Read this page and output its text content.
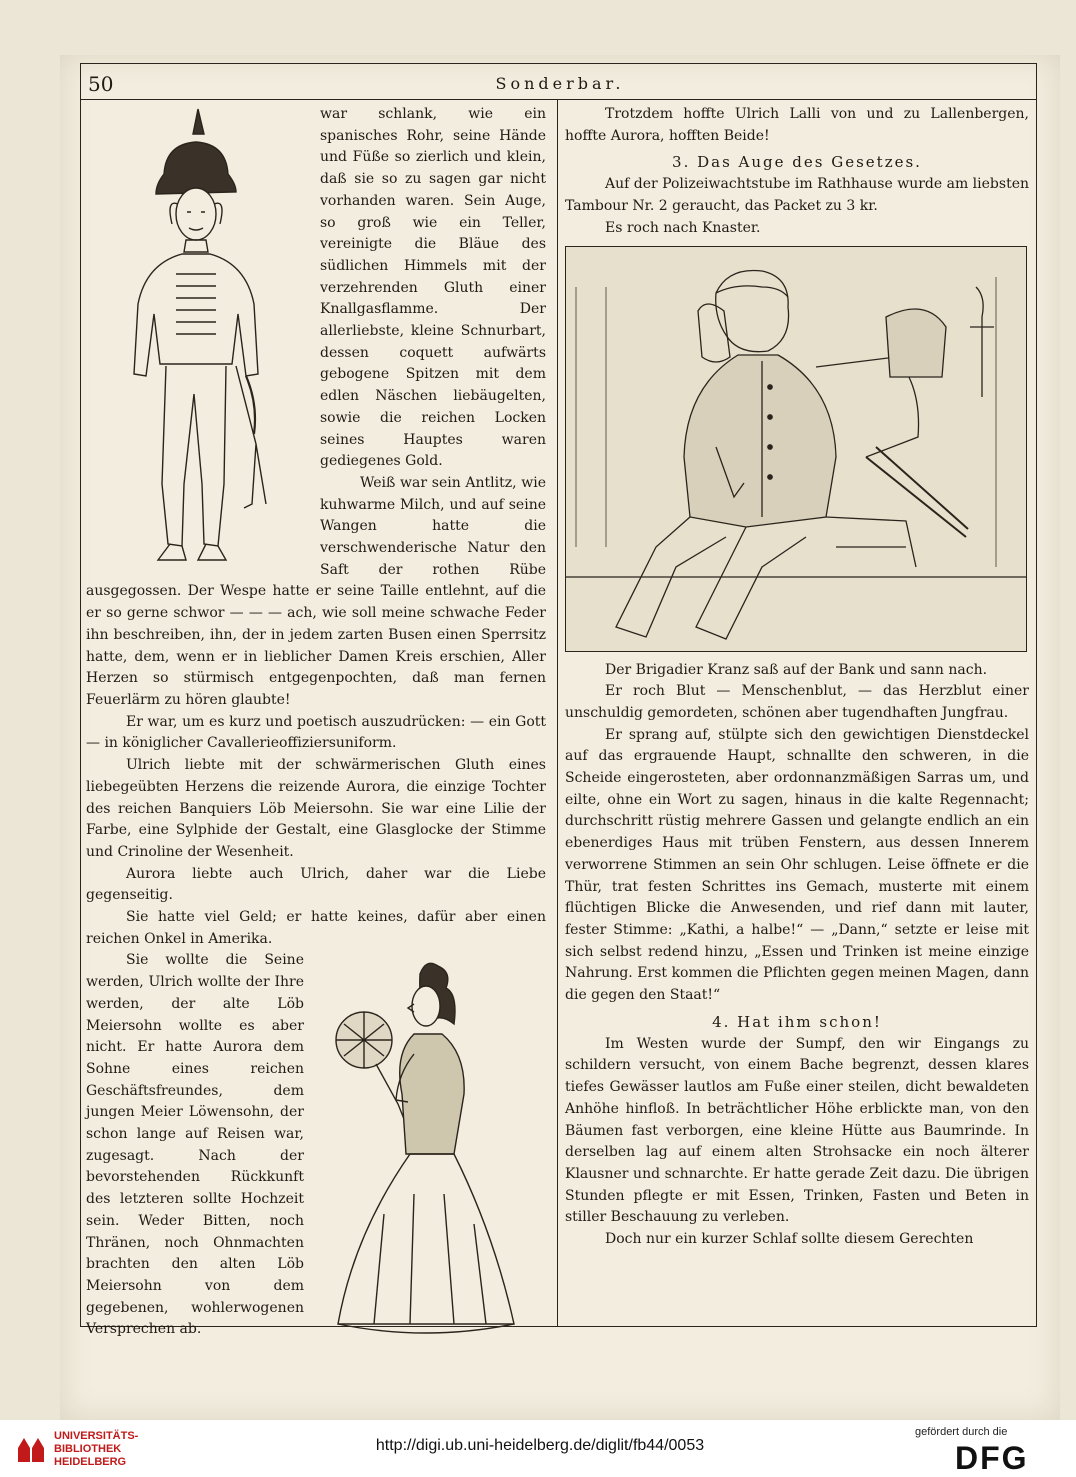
50	Sonderbar.

war schlank, wie ein spanisches Rohr, seine Hände und Füße so zierlich und klein, daß sie so zu sagen gar nicht vorhanden waren. Sein Auge, so groß wie ein Teller, vereinigte die Bläue des südlichen Himmels mit der verzehrenden Gluth einer Knallgasflamme. Der allerliebste, kleine Schnurbart, dessen coquett aufwärts gebogene Spitzen mit dem edlen Näschen liebäugelten, sowie die reichen Locken seines Hauptes waren gediegenes Gold.

Weiß war sein Antlitz, wie kuhwarme Milch, und auf seine Wangen hatte die verschwenderische Natur den Saft der rothen Rübe ausgegossen. Der Wespe hatte er seine Taille entlehnt, auf die er so gerne schwor — — — ach, wie soll meine schwache Feder ihn beschreiben, ihn, der in jedem zarten Busen einen Sperrsitz hatte, dem, wenn er in lieblicher Damen Kreis erschien, Aller Herzen so stürmisch entgegenpochten, daß man fernen Feuerlärm zu hören glaubte!

Er war, um es kurz und poetisch auszudrücken: — ein Gott — in königlicher Cavallerieoffiziersuniform.

Ulrich liebte mit der schwärmerischen Gluth eines liebegeübten Herzens die reizende Aurora, die einzige Tochter des reichen Banquiers Löb Meiersohn. Sie war eine Lilie der Farbe, eine Sylphide der Gestalt, eine Glasglocke der Stimme und Crinoline der Wesenheit.

Aurora liebte auch Ulrich, daher war die Liebe gegenseitig.

Sie hatte viel Geld; er hatte keines, dafür aber einen reichen Onkel in Amerika.

Sie wollte die Seine werden, Ulrich wollte der Ihre werden, der alte Löb Meiersohn wollte es aber nicht. Er hatte Aurora dem Sohne eines reichen Geschäftsfreundes, dem jungen Meier Löwensohn, der schon lange auf Reisen war, zugesagt. Nach der bevorstehenden Rückkunft des letzteren sollte Hochzeit sein. Weder Bitten, noch Thränen, noch Ohnmachten brachten den alten Löb Meiersohn von dem gegebenen, wohlerwogenen Versprechen ab.

Trotzdem hoffte Ulrich Lalli von und zu Lallenbergen, hoffte Aurora, hofften Beide!

3. Das Auge des Gesetzes.

Auf der Polizeiwachtstube im Rathhause wurde am liebsten Tambour Nr. 2 geraucht, das Packet zu 3 kr.

Es roch nach Knaster.

Der Brigadier Kranz saß auf der Bank und sann nach.

Er roch Blut — Menschenblut, — das Herzblut einer unschuldig gemordeten, schönen aber tugendhaften Jungfrau.

Er sprang auf, stülpte sich den gewichtigen Dienstdeckel auf das ergrauende Haupt, schnallte den schweren, in die Scheide eingerosteten, aber ordonnanzmäßigen Sarras um, und eilte, ohne ein Wort zu sagen, hinaus in die kalte Regennacht; durchschritt rüstig mehrere Gassen und gelangte endlich an ein ebenerdiges Haus mit trüben Fenstern, aus dessen Innerem verworrene Stimmen an sein Ohr schlugen. Leise öffnete er die Thür, trat festen Schrittes ins Gemach, musterte mit einem flüchtigen Blicke die Anwesenden, und rief dann mit lauter, fester Stimme: „Kathi, a halbe!“ — „Dann,“ setzte er leise mit sich selbst redend hinzu, „Essen und Trinken ist meine einzige Nahrung. Erst kommen die Pflichten gegen meinen Magen, dann die gegen den Staat!“

4. Hat ihm schon!

Im Westen wurde der Sumpf, den wir Eingangs zu schildern versucht, von einem Bache begrenzt, dessen klares tiefes Gewässer lautlos am Fuße einer steilen, dicht bewaldeten Anhöhe hinfloß. In beträchtlicher Höhe erblickte man, von den Bäumen fast verborgen, eine kleine Hütte aus Baumrinde. In derselben lag auf einem alten Strohsacke ein noch älterer Klausner und schnarchte. Er hatte gerade Zeit dazu. Die übrigen Stunden pflegte er mit Essen, Trinken, Fasten und Beten in stiller Beschauung zu verleben.

Doch nur ein kurzer Schlaf sollte diesem Gerechten

UNIVERSITÄTS-
BIBLIOTHEK
HEIDELBERG
http://digi.ub.uni-heidelberg.de/diglit/fb44/0053
gefördert durch die
DFG
